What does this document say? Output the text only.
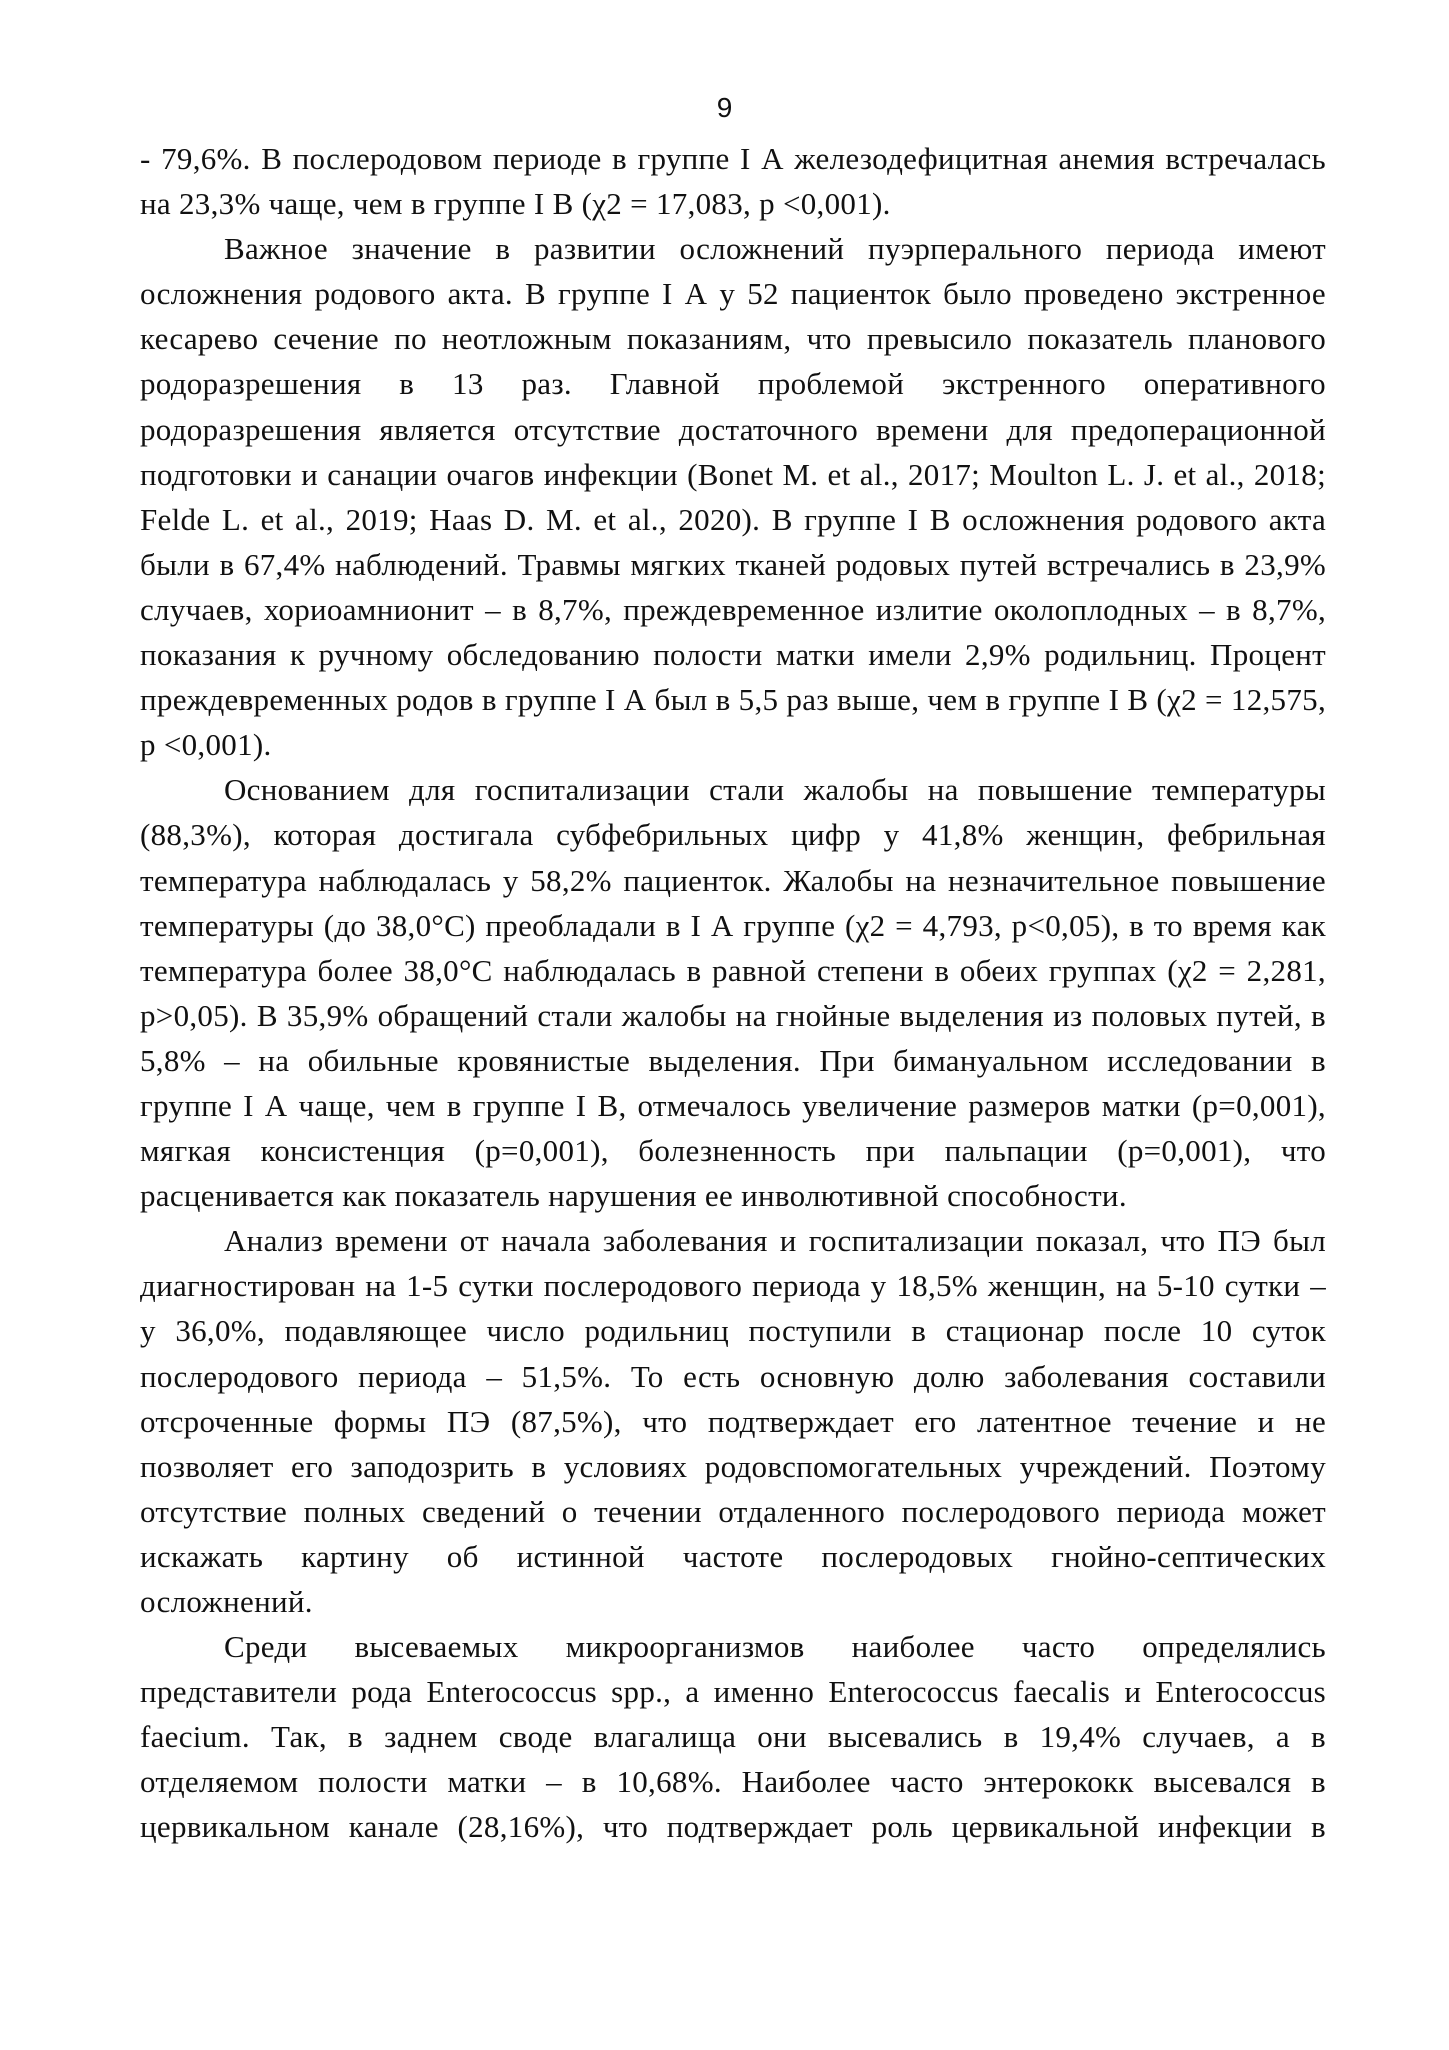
9

- 79,6%. В послеродовом периоде в группе I А железодефицитная анемия встречалась на 23,3% чаще, чем в группе I В (χ2 = 17,083, р <0,001).

Важное значение в развитии осложнений пуэрперального периода имеют осложнения родового акта. В группе I А у 52 пациенток было проведено экстренное кесарево сечение по неотложным показаниям, что превысило показатель планового родоразрешения в 13 раз. Главной проблемой экстренного оперативного родоразрешения является отсутствие достаточного времени для предоперационной подготовки и санации очагов инфекции (Bonet M. et al., 2017; Moulton L. J. et al., 2018; Felde L. et al., 2019; Haas D. M. et al., 2020). В группе I В осложнения родового акта были в 67,4% наблюдений. Травмы мягких тканей родовых путей встречались в 23,9% случаев, хориоамнионит – в 8,7%, преждевременное излитие околоплодных – в 8,7%, показания к ручному обследованию полости матки имели 2,9% родильниц. Процент преждевременных родов в группе I А был в 5,5 раз выше, чем в группе I В (χ2 = 12,575, р <0,001).

Основанием для госпитализации стали жалобы на повышение температуры (88,3%), которая достигала субфебрильных цифр у 41,8% женщин, фебрильная температура наблюдалась у 58,2% пациенток. Жалобы на незначительное повышение температуры (до 38,0°С) преобладали в I А группе (χ2 = 4,793, р<0,05), в то время как температура более 38,0°С наблюдалась в равной степени в обеих группах (χ2 = 2,281, р>0,05). В 35,9% обращений стали жалобы на гнойные выделения из половых путей, в 5,8% – на обильные кровянистые выделения. При бимануальном исследовании в группе I А чаще, чем в группе I В, отмечалось увеличение размеров матки (р=0,001), мягкая консистенция (р=0,001), болезненность при пальпации (р=0,001), что расценивается как показатель нарушения ее инволютивной способности.

Анализ времени от начала заболевания и госпитализации показал, что ПЭ был диагностирован на 1-5 сутки послеродового периода у 18,5% женщин, на 5-10 сутки – у 36,0%, подавляющее число родильниц поступили в стационар после 10 суток послеродового периода – 51,5%. То есть основную долю заболевания составили отсроченные формы ПЭ (87,5%), что подтверждает его латентное течение и не позволяет его заподозрить в условиях родовспомогательных учреждений. Поэтому отсутствие полных сведений о течении отдаленного послеродового периода может искажать картину об истинной частоте послеродовых гнойно-септических осложнений.

Среди высеваемых микроорганизмов наиболее часто определялись представители рода Enterococcus spp., а именно Enterococcus faecalis и Enterococcus faecium. Так, в заднем своде влагалища они высевались в 19,4% случаев, а в отделяемом полости матки – в 10,68%. Наиболее часто энтерококк высевался в цервикальном канале (28,16%), что подтверждает роль цервикальной инфекции в
